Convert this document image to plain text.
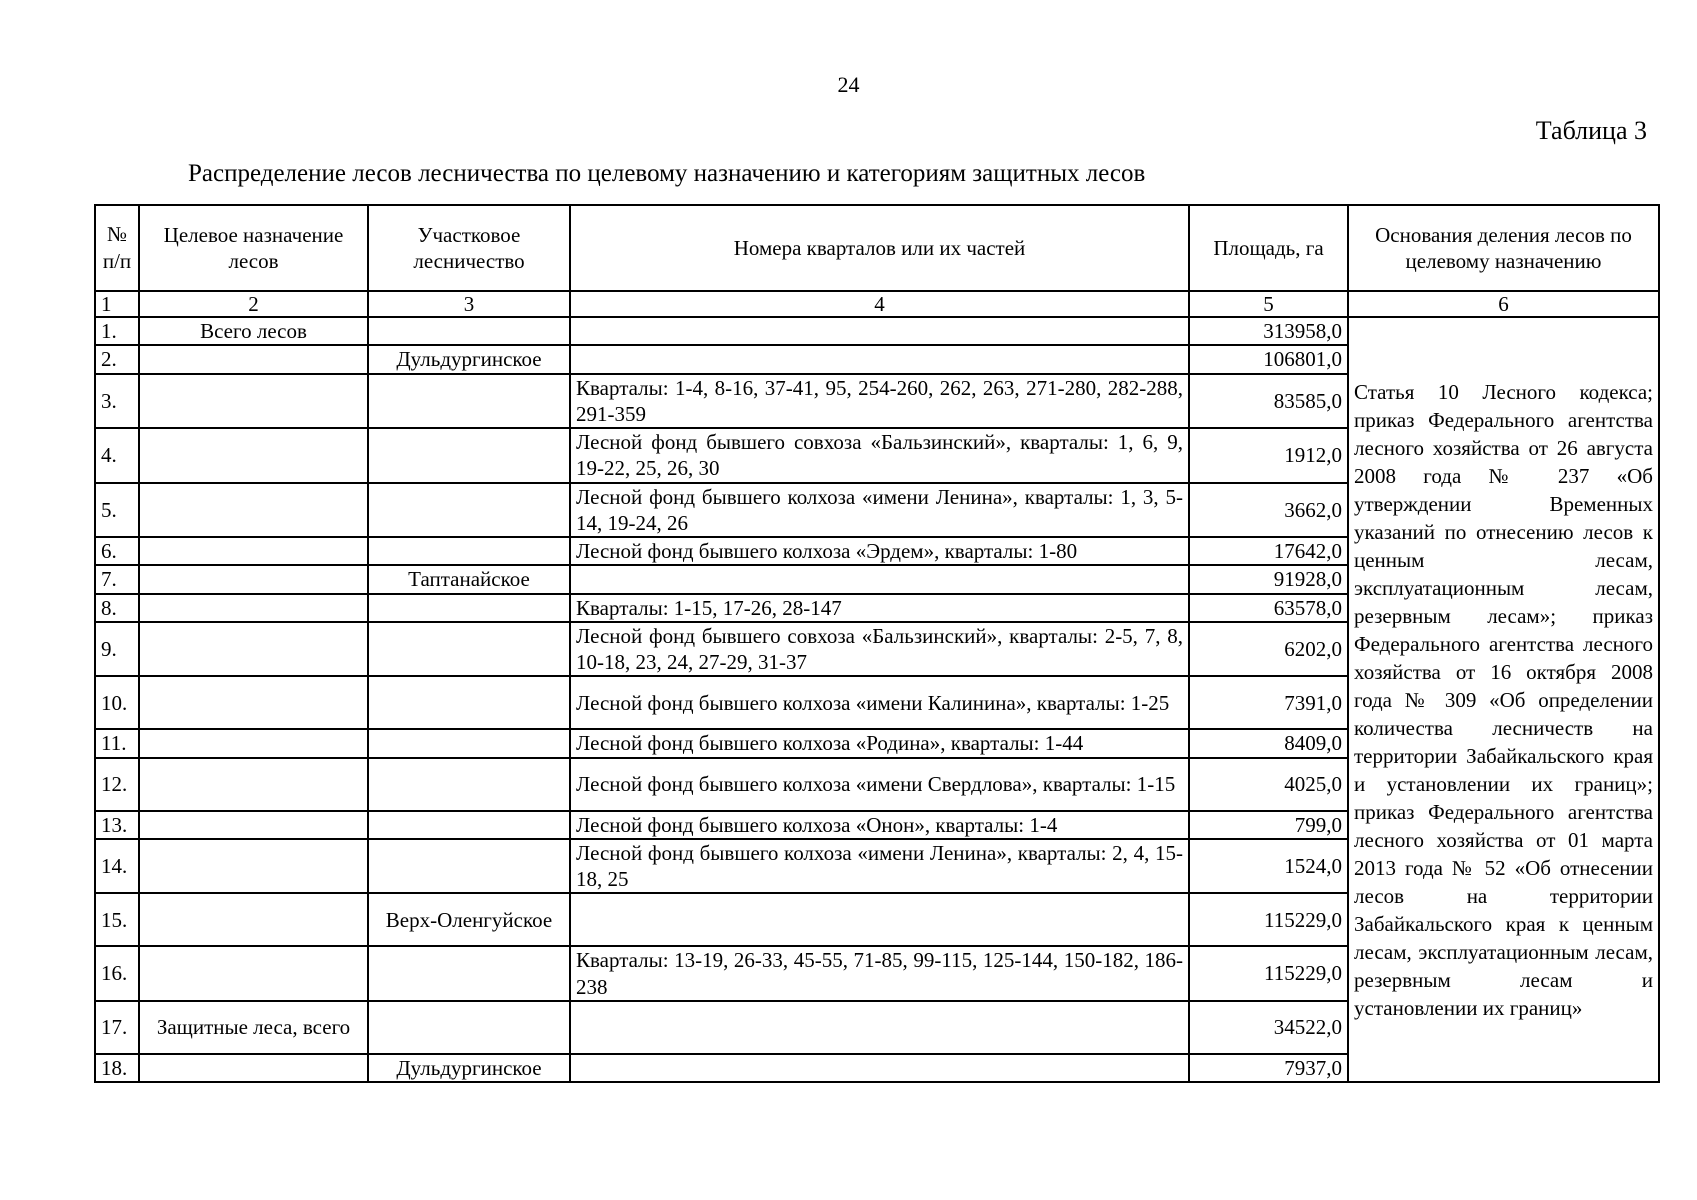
24
Таблица 3
Распределение лесов лесничества по целевому назначению и категориям защитных лесов
№ п/п	Целевое назначение лесов	Участковое лесничество	Номера кварталов или их частей	Площадь, га	Основания деления лесов по целевому назначению
1	2	3	4	5	6
1.	Всего лесов			313958,0	Статья 10 Лесного кодекса; приказ Федерального агентства лесного хозяйства от 26 августа 2008 года № 237 «Об утверждении Временных указаний по отнесению лесов к ценным лесам, эксплуатационным лесам, резервным лесам»; приказ Федерального агентства лесного хозяйства от 16 октября 2008 года № 309 «Об определении количества лесничеств на территории Забайкальского края и установлении их границ»; приказ Федерального агентства лесного хозяйства от 01 марта 2013 года № 52 «Об отнесении лесов на территории Забайкальского края к ценным лесам, эксплуатационным лесам, резервным лесам и установлении их границ»
2.		Дульдургинское		106801,0	
3.			Кварталы: 1-4, 8-16, 37-41, 95, 254-260, 262, 263, 271-280, 282-288, 291-359	83585,0	
4.			Лесной фонд бывшего совхоза «Бальзинский», кварталы: 1, 6, 9, 19-22, 25, 26, 30	1912,0	
5.			Лесной фонд бывшего колхоза «имени Ленина», кварталы: 1, 3, 5-14, 19-24, 26	3662,0	
6.			Лесной фонд бывшего колхоза «Эрдем», кварталы: 1-80	17642,0	
7.		Таптанайское		91928,0	
8.			Кварталы: 1-15, 17-26, 28-147	63578,0	
9.			Лесной фонд бывшего совхоза «Бальзинский», кварталы: 2-5, 7, 8, 10-18, 23, 24, 27-29, 31-37	6202,0	
10.			Лесной фонд бывшего колхоза «имени Калинина», кварталы: 1-25	7391,0	
11.			Лесной фонд бывшего колхоза «Родина», кварталы: 1-44	8409,0	
12.			Лесной фонд бывшего колхоза «имени Свердлова», кварталы: 1-15	4025,0	
13.			Лесной фонд бывшего колхоза «Онон», кварталы: 1-4	799,0	
14.			Лесной фонд бывшего колхоза «имени Ленина», кварталы: 2, 4, 15-18, 25	1524,0	
15.		Верх-Оленгуйское		115229,0	
16.			Кварталы: 13-19, 26-33, 45-55, 71-85, 99-115, 125-144, 150-182, 186-238	115229,0	
17.	Защитные леса, всего			34522,0	
18.		Дульдургинское		7937,0	
